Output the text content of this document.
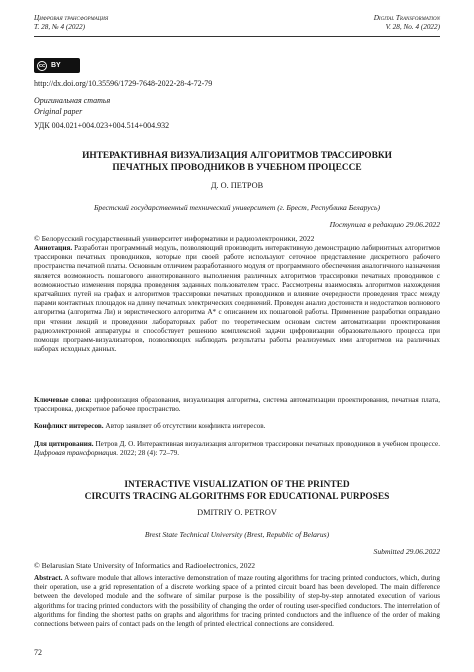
Цифровая трансформация
Т. 28, № 4 (2022)
Digital Transformation
V. 28, No. 4 (2022)
cc BY
http://dx.doi.org/10.35596/1729-7648-2022-28-4-72-79
Оригинальная статья
Original paper
УДК 004.021+004.023+004.514+004.932
ИНТЕРАКТИВНАЯ ВИЗУАЛИЗАЦИЯ АЛГОРИТМОВ ТРАССИРОВКИ
ПЕЧАТНЫХ ПРОВОДНИКОВ В УЧЕБНОМ ПРОЦЕССЕ
Д. О. ПЕТРОВ
Брестский государственный технический университет (г. Брест, Республика Беларусь)
Поступила в редакцию 29.06.2022
© Белорусский государственный университет информатики и радиоэлектроники, 2022
Аннотация. Разработан программный модуль, позволяющий производить интерактивную демонстрацию лабиринтных алгоритмов трассировки печатных проводников, которые при своей работе используют сеточное представление дискретного рабочего пространства печатной платы. Основным отличием разработанного модуля от программного обеспечения аналогичного назначения является возможность пошагового аннотированного выполнения различных алгоритмов трассировки печатных проводников с возможностью изменения порядка проведения заданных пользователем трасс. Рассмотрены взаимосвязь алгоритмов нахождения кратчайших путей на графах и алгоритмов трассировки печатных проводников и влияние очередности проведения трасс между парами контактных площадок на длину печатных электрических соединений. Проведен анализ достоинств и недостатков волнового алгоритма (алгоритма Ли) и эвристического алгоритма A* с описанием их пошаговой работы. Применение разработки оправдано при чтении лекций и проведении лабораторных работ по теоретическим основам систем автоматизации проектирования радиоэлектронной аппаратуры и способствует решению комплексной задачи цифровизации образовательного процесса при помощи программ-визуализаторов, позволяющих наблюдать результаты работы реализуемых ими алгоритмов на различных наборах исходных данных.
Ключевые слова: цифровизация образования, визуализация алгоритма, система автоматизации проектирования, печатная плата, трассировка, дискретное рабочее пространство.
Конфликт интересов. Автор заявляет об отсутствии конфликта интересов.
Для цитирования. Петров Д. О. Интерактивная визуализация алгоритмов трассировки печатных проводников в учебном процессе. Цифровая трансформация. 2022; 28 (4): 72–79.
INTERACTIVE VISUALIZATION OF THE PRINTED
CIRCUITS TRACING ALGORITHMS FOR EDUCATIONAL PURPOSES
DMITRIY O. PETROV
Brest State Technical University (Brest, Republic of Belarus)
Submitted 29.06.2022
© Belarusian State University of Informatics and Radioelectronics, 2022
Abstract. A software module that allows interactive demonstration of maze routing algorithms for tracing printed conductors, which, during their operation, use a grid representation of a discrete working space of a printed circuit board has been developed. The main difference between the developed module and the software of similar purpose is the possibility of step-by-step annotated execution of various algorithms for tracing printed conductors with the possibility of changing the order of routing user-specified conductors. The interrelation of algorithms for finding the shortest paths on graphs and algorithms for tracing printed conductors and the influence of the order of making connections between pairs of contact pads on the length of printed electrical connections are considered.
72
